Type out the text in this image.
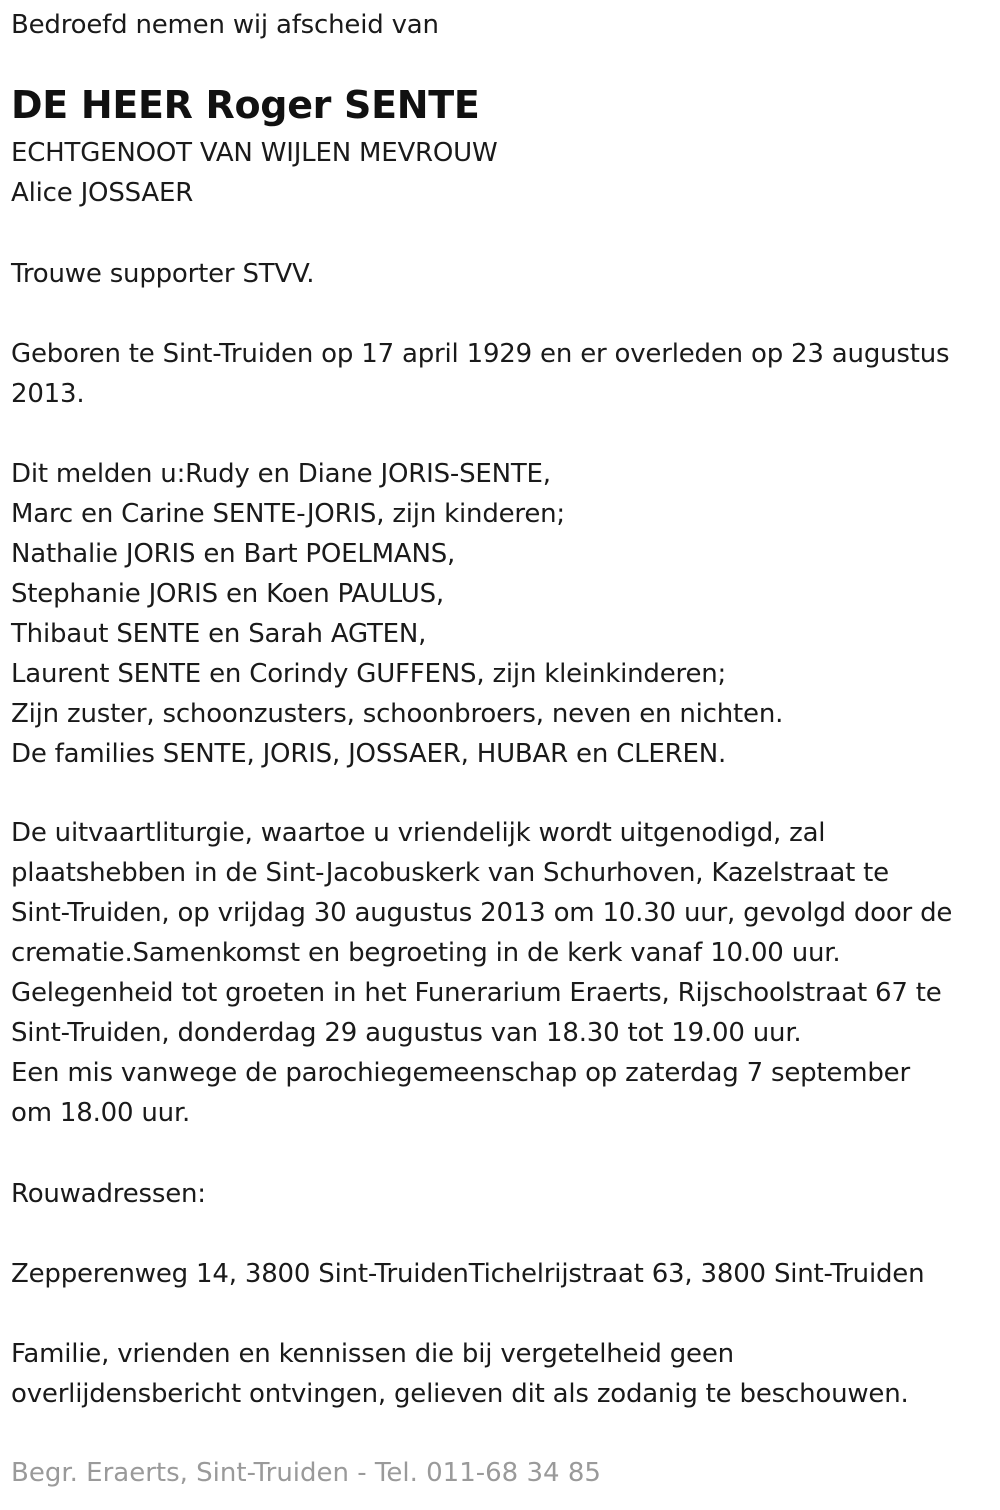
Bedroefd nemen wij afscheid van
DE HEER Roger SENTE
ECHTGENOOT VAN WIJLEN MEVROUW
Alice JOSSAER
Trouwe supporter STVV.
Geboren te Sint-Truiden op 17 april 1929 en er overleden op 23 augustus
2013.
Dit melden u:Rudy en Diane JORIS-SENTE,
Marc en Carine SENTE-JORIS, zijn kinderen;
Nathalie JORIS en Bart POELMANS,
Stephanie JORIS en Koen PAULUS,
Thibaut SENTE en Sarah AGTEN,
Laurent SENTE en Corindy GUFFENS, zijn kleinkinderen;
Zijn zuster, schoonzusters, schoonbroers, neven en nichten.
De families SENTE, JORIS, JOSSAER, HUBAR en CLEREN.
De uitvaartliturgie, waartoe u vriendelijk wordt uitgenodigd, zal
plaatshebben in de Sint-Jacobuskerk van Schurhoven, Kazelstraat te
Sint-Truiden, op vrijdag 30 augustus 2013 om 10.30 uur, gevolgd door de
crematie.Samenkomst en begroeting in de kerk vanaf 10.00 uur.
Gelegenheid tot groeten in het Funerarium Eraerts, Rijschoolstraat 67 te
Sint-Truiden, donderdag 29 augustus van 18.30 tot 19.00 uur.
Een mis vanwege de parochiegemeenschap op zaterdag 7 september
om 18.00 uur.
Rouwadressen:
Zepperenweg 14, 3800 Sint-TruidenTichelrijstraat 63, 3800 Sint-Truiden
Familie, vrienden en kennissen die bij vergetelheid geen
overlijdensbericht ontvingen, gelieven dit als zodanig te beschouwen.
Begr. Eraerts, Sint-Truiden - Tel. 011-68 34 85
